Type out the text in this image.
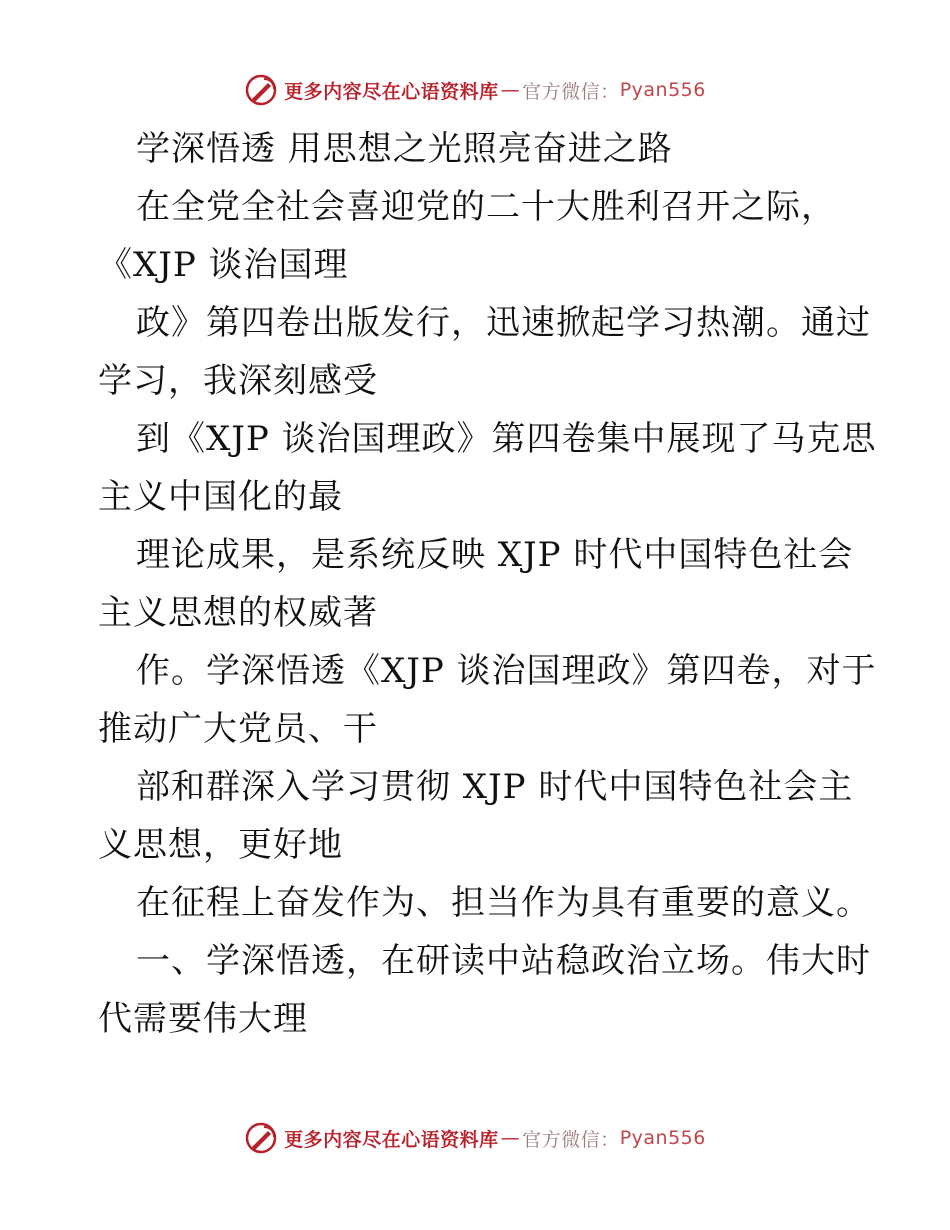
更多内容尽在心语资料库 — 官方微信： Pyan556
学深悟透 用思想之光照亮奋进之路
在全党全社会喜迎党的二十大胜利召开之际，
《XJP 谈治国理
政》第四卷出版发行，迅速掀起学习热潮。通过
学习，我深刻感受
到《XJP 谈治国理政》第四卷集中展现了马克思
主义中国化的最
理论成果，是系统反映 XJP 时代中国特色社会
主义思想的权威著
作。学深悟透《XJP 谈治国理政》第四卷，对于
推动广大党员、干
部和群深入学习贯彻 XJP 时代中国特色社会主
义思想，更好地
在征程上奋发作为、担当作为具有重要的意义。
一、学深悟透，在研读中站稳政治立场。伟大时
代需要伟大理
更多内容尽在心语资料库 — 官方微信： Pyan556
